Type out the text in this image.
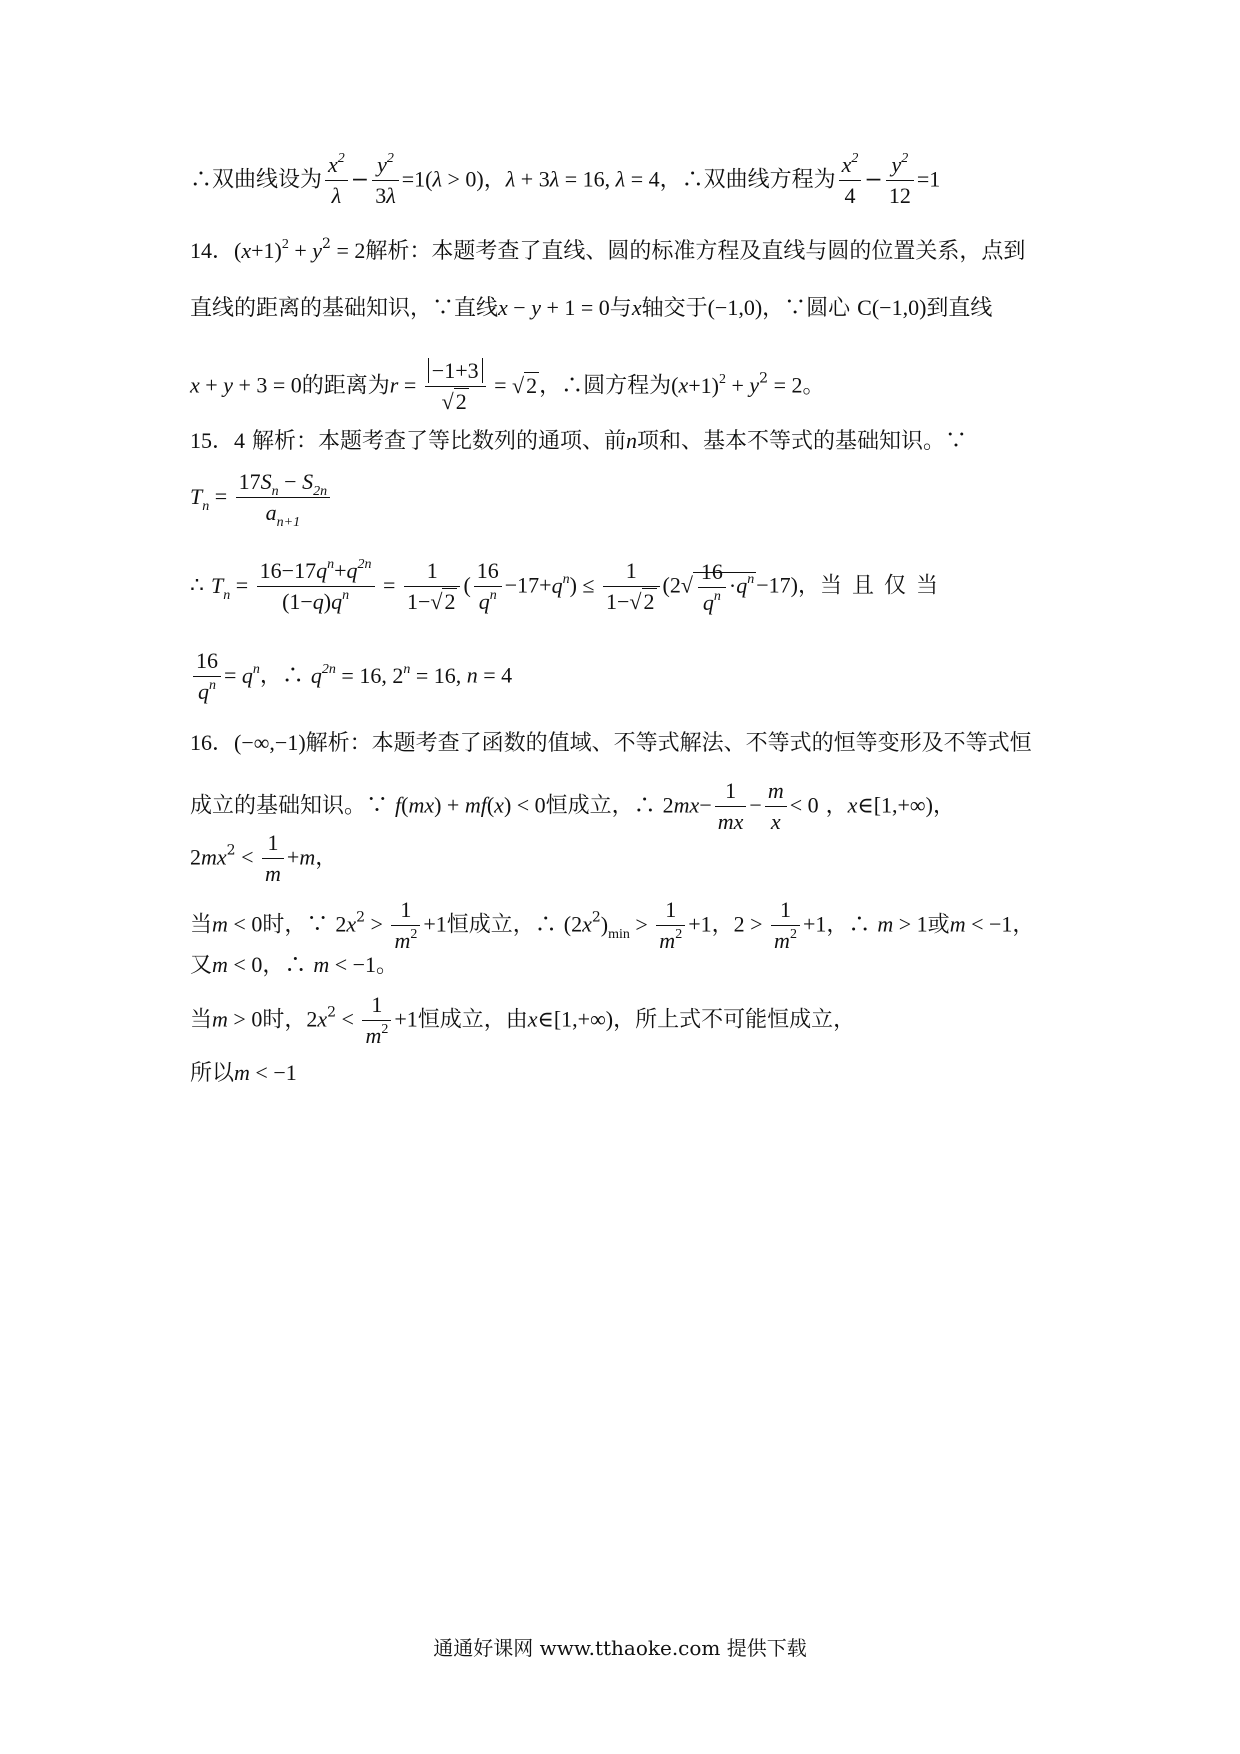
∴双曲线设为 $\frac{x^2}{\lambda} - \frac{y^2}{3\lambda} =1(\lambda > 0)$，λ + 3λ = 16, λ = 4，∴双曲线方程为 $\frac{x^2}{4} - \frac{y^2}{12} =1$
14．$(x+1)^2 + y^2 = 2$解析：本题考查了直线、圆的标准方程及直线与圆的位置关系，点到
直线的距离的基础知识，∵直线x − y + 1 = 0与x轴交于(−1,0)，∵圆心 C(−1,0)到直线
x + y + 3 = 0的距离为$r = \frac{-1+3}{√2} = √2$，∴圆方程为$(x+1)^2 + y^2 = 2$。
15．4 解析：本题考查了等比数列的通项、前n项和、基本不等式的基础知识。∵
$T_n = \frac{17S_n - S_{2n}}{a_{n+1}}$
∴ $T_n = \frac{16-17q^n+q^{2n}}{(1-q)q^n} = \frac{1}{1-√2}$ ( $\frac{16}{q^n} -17+q^n) \le \frac{1}{1-√2} (2√ \frac{16}{q^n} \cdot q^n-17)$，当且仅当
$\frac{16}{q^n} = q^n$，∴ $q^{2n} = 16$, $2^n = 16$, n = 4
16．(−∞,−1)解析：本题考查了函数的值域、不等式解法、不等式的恒等变形及不等式恒
成立的基础知识。∵ f(mx) + mf(x) < 0恒成立，∴ $2mx- \frac{1}{mx} - \frac{m}{x} < 0$ ，x∈[1,+∞)，
$2mx^2 < \frac{1}{m} +m$，
当m < 0时，∵ $2x^2 > \frac{1}{m^2} +1$恒成立，∴ $(2x^2)_{min} > \frac{1}{m^2} +1$，$2 > \frac{1}{m^2} +1$，∴ m > 1或m < −1，
又m < 0，∴ m < −1。
当m > 0时，$2x^2 < \frac{1}{m^2} +1$恒成立，由x∈[1,+∞)，所上式不可能恒成立，
所以m < −1
通通好课网 www.tthaoke.com 提供下载
